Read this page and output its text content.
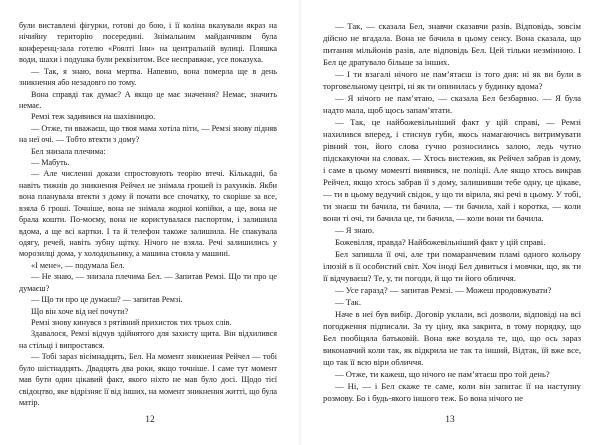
були виставлені фігурки, готові до бою, і її коліна вказували якраз на нічийну територію посередині. Знімальним майданчиком була конференц-зала готелю «Роялті Інн» на центральній вулиці. Пляшка води, шахи і подушка були реквізитом. Все несправжнє, усе показуха.

— Так, я знаю, вона мертва. Напевно, вона померла ще в день зникнення або незадовго по тому.

Вона справді так думає? А якщо це має значення? Немає, значить немає.

Ремзі теж задивився на шахівницю.

— Отже, ти вважаєш, що твоя мама хотіла піти, — Ремзі знову підняв на неї очі. — Тобто втекти з дому?

Бел знизала плечима:

— Мабуть.

— Але численні докази спростовують теорію втечі. Кількадні, ба навіть тижнів до зникнення Рейчел не знімала грошей із рахунків. Якби вона планувала втекти з дому й почати все спочатку, то скоріше за все, взяла б гроші. Точніше, вона не знімала жодної копійки, а ще, вона не брала кошти. По-моєму, вона не користувалася паспортом, і залишила вдома, а ще всі картки. І та й телефон такоже залишила. Не спакувала одягу, речей, навіть зубну щітку. Нічого не взяла. Речі залишились у морозилці дома, у холодильнику, а машина стояла у машині.

«І мене», — подумала Бел.

— Не знаю, — знизала плечима Бел. — Запитав Ремзі. Що ти про це думаєш?

— Що ти про це думаєш? — запитав Ремзі.

Що він хоче від неї почути?

Ремзі знову кинувся з рятівний прихисток тих трьох слів.

Здавалося, Ремзі відчув здійнятого для захисту щита. Він відхилився на стільці і випростався.

— Тобі зараз вісімнадцять, Бел. На момент зникнення Рейчел — тобі було шістнадцять. Двадцять два роки, якщо точніше. І саме тут момент мав бути один цікавий факт, якого ніхто не мав було досі. Щодо тієї свідоцтво, яке відрізняє її від інших, на момент зникнення житті, що була матір.

12

— Так, — сказала Бел, знавчи сказавчи разів. Відповідь, зовсім дійсно не вгадала. Вона не бачила в цьому сенсу. Вона сказала, що питання мільйонів разів, але відповідь Бел. Цей тільки незмінною. І Бел це дратувало більше за інших.

— І ти взагалі нічого не пам’ятаєш із того дня: ні як ви були в торговельному центрі, ні як ти опинилась у будинку вдома?

— Я нічого не пам’ятаю, — сказала Бел безбарвно. — Я була надто мала, щоб щось запам’ятати.

— Так, це найбожевільніший факт у цій справі, — Ремзі нахилився вперед, і стиснув губи, якось намагаючись витримувати рівний тон, його слова гучно розносились залою, ледь чутно підскакуючи на словах. — Хтось вистежив, як Рейчел забрав із дому, і саме в цьому моменті виявився, не поліції. Але якщо хтось викрав Рейчел, якщо хтось забрав її з дому, залишивши тебе одну, це цікаве, — ти в цьому ведучий свідок, у що ти вірила, які речі в цьому. У тобі, ти знаєш ти бачила, ти бачила, — ти бачила, хай і коротка, — коли вони ті очі, ти бачила це, ти бачила, — коли вони ти бачила.

— Я знаю.

Божевілля, правда? Найбожевільніший факт у цій справі.

Бел запишла її очі, але три помаранчевим пламі одного кольору ілюзій в її особистий світ. Хоч іноді Бел дивиться і мовчки, що, як ти її відчуваєш? Те, у, ти погоди, й що ти його обличчя.

— Усе гаразд? — запитав Ремзі. — Можеш продовжувати?

— Так.

Наче в неї був вибір. Договір уклали, всі дозволи, відповіді на всі погодження підписали. За ту ціну, яка закрита, в тому порядку, що Бел пообіцяла батьковій. Вона вже воздала те, що, що ось зараз виконавчий коли так, як відкрила не так та інший, Відтак, їй вже все, що так її всю віри обличчя.

— Отже, ти кажеш, що нічого не пам’ятаєш про той день?

— Ні, — і Бел скаже те саме, коли він запитає її на наступну розмову. Бо і будь-якого іншого теж. Бо вона нічого не

13
